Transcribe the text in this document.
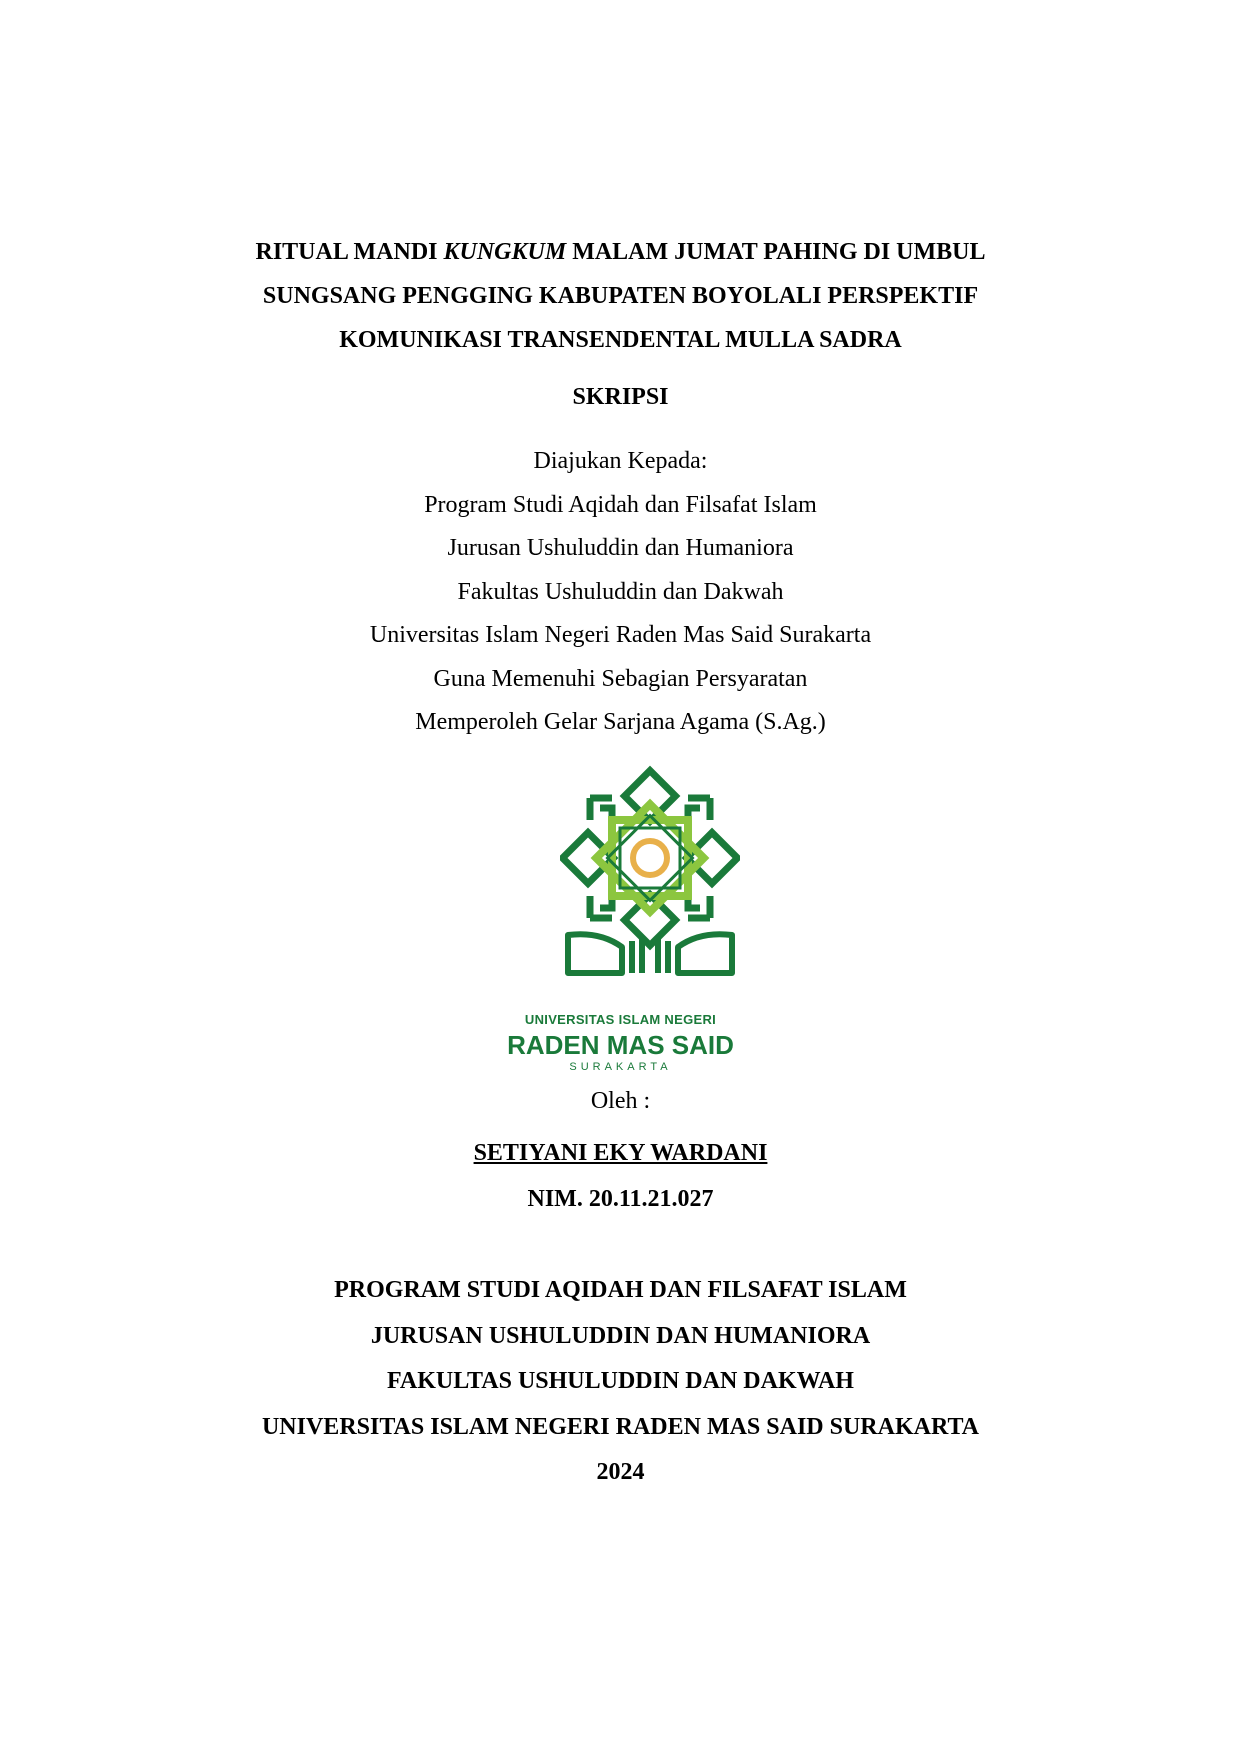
RITUAL MANDI KUNGKUM MALAM JUMAT PAHING DI UMBUL
SUNGSANG PENGGING KABUPATEN BOYOLALI PERSPEKTIF
KOMUNIKASI TRANSENDENTAL MULLA SADRA
SKRIPSI
Diajukan Kepada:
Program Studi Aqidah dan Filsafat Islam
Jurusan Ushuluddin dan Humaniora
Fakultas Ushuluddin dan Dakwah
Universitas Islam Negeri Raden Mas Said Surakarta
Guna Memenuhi Sebagian Persyaratan
Memperoleh Gelar Sarjana Agama (S.Ag.)
UNIVERSITAS ISLAM NEGERI
RADEN MAS SAID
SURAKARTA
Oleh :
SETIYANI EKY WARDANI
NIM. 20.11.21.027
PROGRAM STUDI AQIDAH DAN FILSAFAT ISLAM
JURUSAN USHULUDDIN DAN HUMANIORA
FAKULTAS USHULUDDIN DAN DAKWAH
UNIVERSITAS ISLAM NEGERI RADEN MAS SAID SURAKARTA
2024
